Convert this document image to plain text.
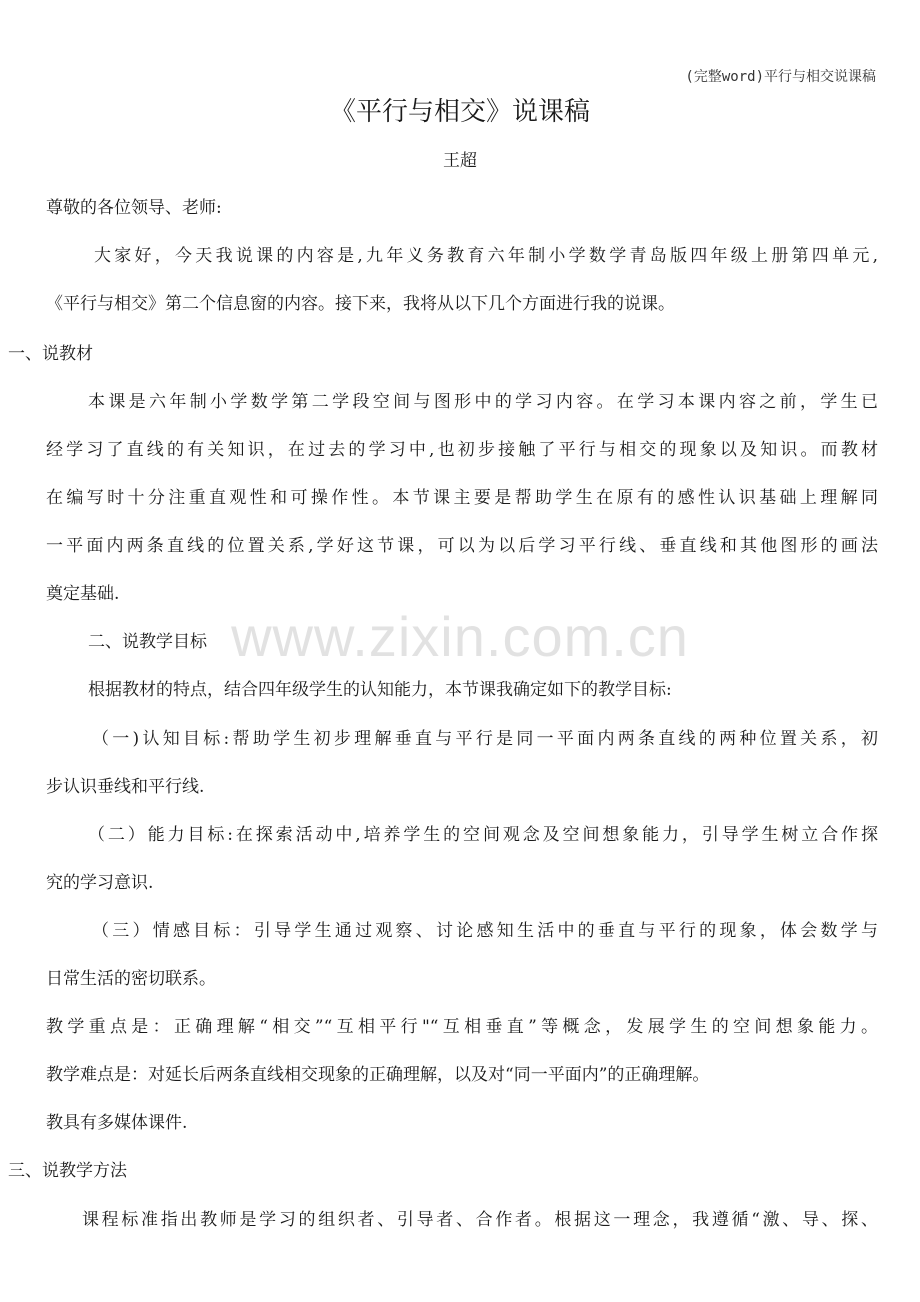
(完整word)平行与相交说课稿
《平行与相交》说课稿
王超
www.zixin.com.cn
尊敬的各位领导、老师:
大家好，今天我说课的内容是,九年义务教育六年制小学数学青岛版四年级上册第四单元,
《平行与相交》第二个信息窗的内容。接下来，我将从以下几个方面进行我的说课。
一、说教材
本课是六年制小学数学第二学段空间与图形中的学习内容。在学习本课内容之前，学生已
经学习了直线的有关知识，在过去的学习中,也初步接触了平行与相交的现象以及知识。而教材
在编写时十分注重直观性和可操作性。本节课主要是帮助学生在原有的感性认识基础上理解同
一平面内两条直线的位置关系,学好这节课，可以为以后学习平行线、垂直线和其他图形的画法
奠定基础.
二、说教学目标
根据教材的特点，结合四年级学生的认知能力，本节课我确定如下的教学目标:
（一)认知目标:帮助学生初步理解垂直与平行是同一平面内两条直线的两种位置关系，初
步认识垂线和平行线.
（二）能力目标:在探索活动中,培养学生的空间观念及空间想象能力，引导学生树立合作探
究的学习意识.
（三）情感目标：引导学生通过观察、讨论感知生活中的垂直与平行的现象，体会数学与
日常生活的密切联系。
教学重点是：正确理解“相交”“互相平行"“互相垂直”等概念，发展学生的空间想象能力。
教学难点是：对延长后两条直线相交现象的正确理解，以及对“同一平面内”的正确理解。
教具有多媒体课件.
三、说教学方法
课程标准指出教师是学习的组织者、引导者、合作者。根据这一理念，我遵循“激、导、探、
